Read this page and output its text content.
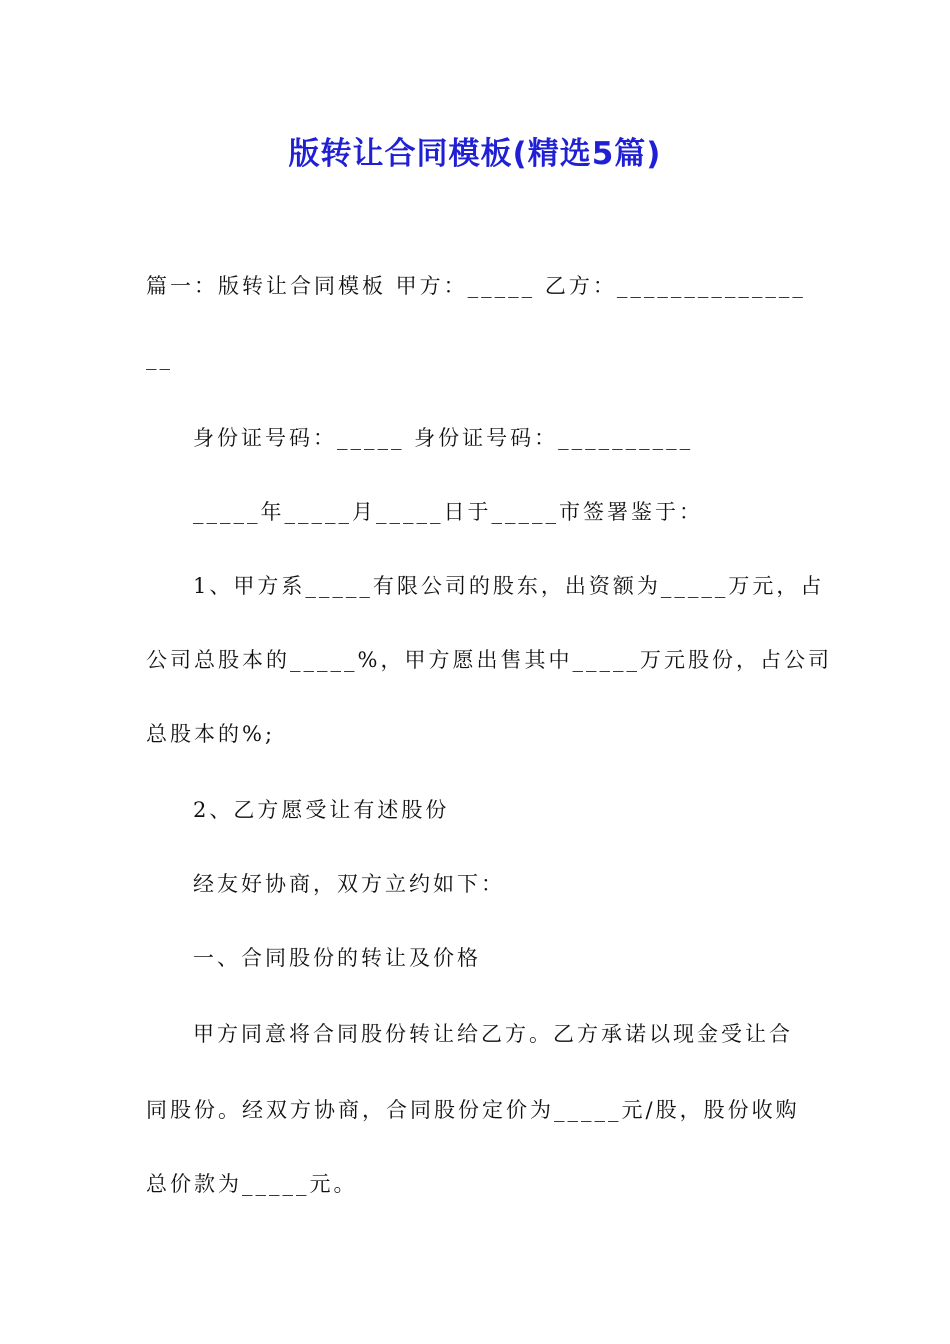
版转让合同模板(精选5篇)
篇一：版转让合同模板 甲方：_____ 乙方：______________
__
身份证号码：_____ 身份证号码：__________
_____年_____月_____日于_____市签署鉴于：
1、甲方系_____有限公司的股东，出资额为_____万元，占
公司总股本的_____%，甲方愿出售其中_____万元股份，占公司
总股本的%;
2、乙方愿受让有述股份
经友好协商，双方立约如下：
一、合同股份的转让及价格
甲方同意将合同股份转让给乙方。乙方承诺以现金受让合
同股份。经双方协商，合同股份定价为_____元/股，股份收购
总价款为_____元。
